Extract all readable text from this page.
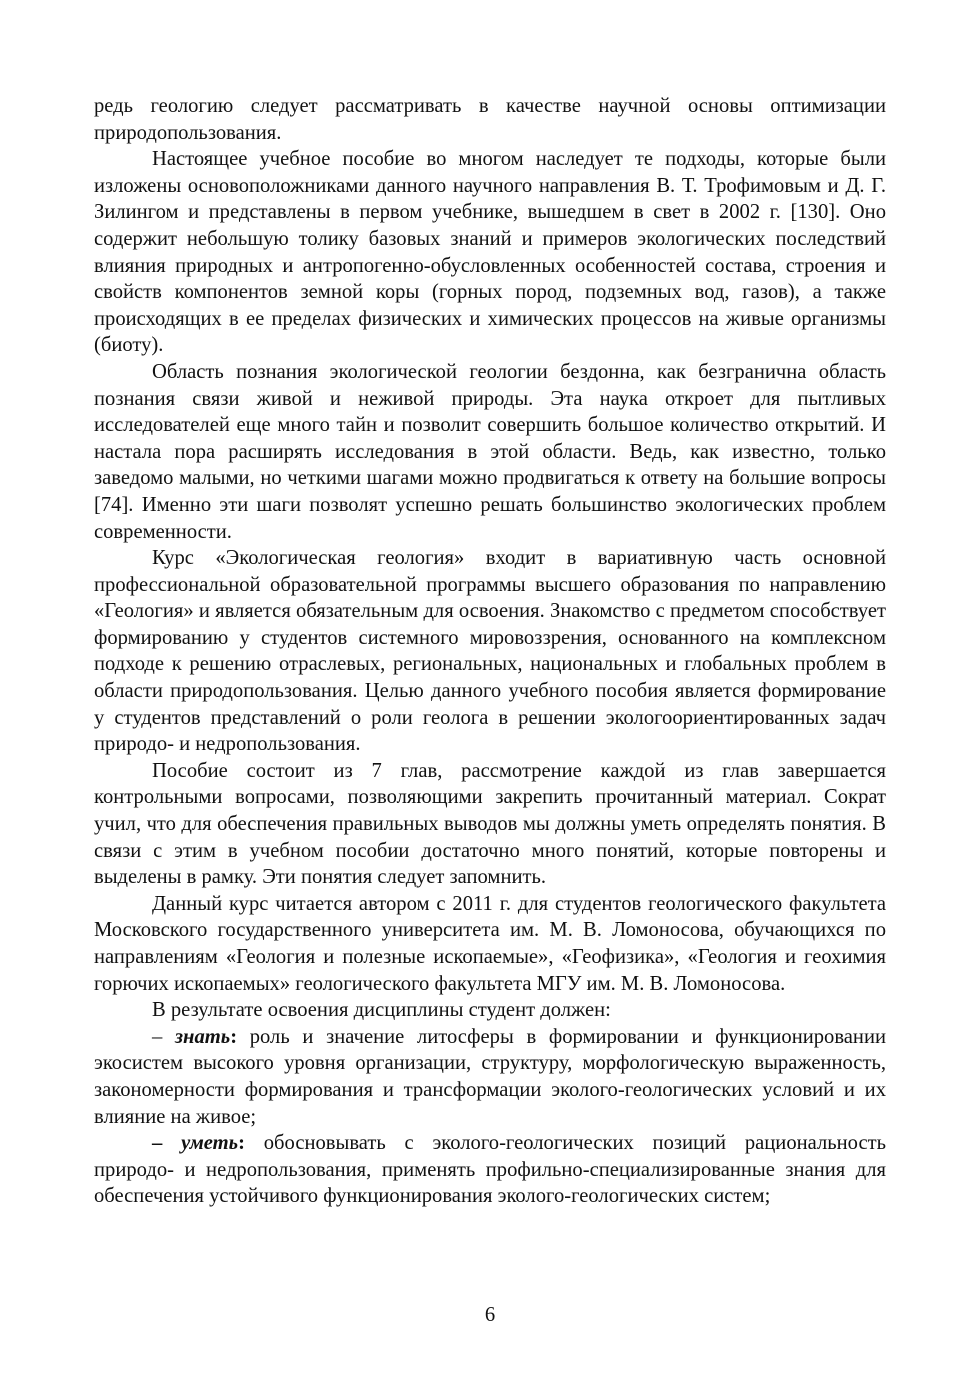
редь геологию следует рассматривать в качестве научной основы оптимизации природопользования.

Настоящее учебное пособие во многом наследует те подходы, которые были изложены основоположниками данного научного направления В. Т. Трофимовым и Д. Г. Зилингом и представлены в первом учебнике, вышедшем в свет в 2002 г. [130]. Оно содержит небольшую толику базовых знаний и примеров экологических последствий влияния природных и антропогенно-обусловленных особенностей состава, строения и свойств компонентов земной коры (горных пород, подземных вод, газов), а также происходящих в ее пределах физических и химических процессов на живые организмы (биоту).

Область познания экологической геологии бездонна, как безгранична область познания связи живой и неживой природы. Эта наука откроет для пытливых исследователей еще много тайн и позволит совершить большое количество открытий. И настала пора расширять исследования в этой области. Ведь, как известно, только заведомо малыми, но четкими шагами можно продвигаться к ответу на большие вопросы [74]. Именно эти шаги позволят успешно решать большинство экологических проблем современности.

Курс «Экологическая геология» входит в вариативную часть основной профессиональной образовательной программы высшего образования по направлению «Геология» и является обязательным для освоения. Знакомство с предметом способствует формированию у студентов системного мировоззрения, основанного на комплексном подходе к решению отраслевых, региональных, национальных и глобальных проблем в области природопользования. Целью данного учебного пособия является формирование у студентов представлений о роли геолога в решении экологоориентированных задач природо- и недропользования.

Пособие состоит из 7 глав, рассмотрение каждой из глав завершается контрольными вопросами, позволяющими закрепить прочитанный материал. Сократ учил, что для обеспечения правильных выводов мы должны уметь определять понятия. В связи с этим в учебном пособии достаточно много понятий, которые повторены и выделены в рамку. Эти понятия следует запомнить.

Данный курс читается автором с 2011 г. для студентов геологического факультета Московского государственного университета им. М. В. Ломоносова, обучающихся по направлениям «Геология и полезные ископаемые», «Геофизика», «Геология и геохимия горючих ископаемых» геологического факультета МГУ им. М. В. Ломоносова.

В результате освоения дисциплины студент должен:

– знать: роль и значение литосферы в формировании и функционировании экосистем высокого уровня организации, структуру, морфологическую выраженность, закономерности формирования и трансформации эколого-геологических условий и их влияние на живое;

– уметь: обосновывать с эколого-геологических позиций рациональность природо- и недропользования, применять профильно-специализированные знания для обеспечения устойчивого функционирования эколого-геологических систем;

6
